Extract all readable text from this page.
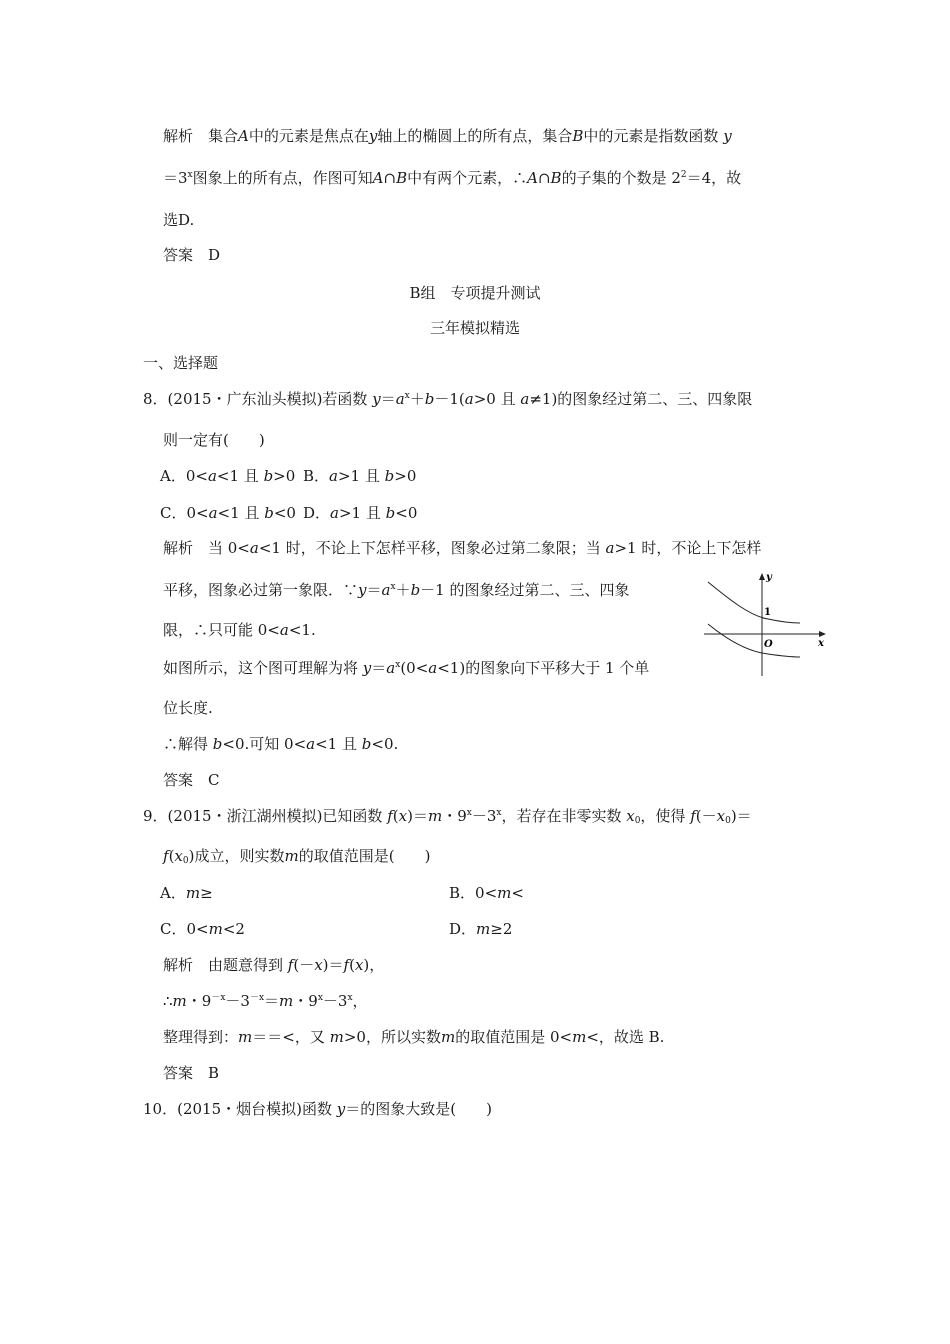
解析　集合A中的元素是焦点在y轴上的椭圆上的所有点，集合B中的元素是指数函数 y
$=3^x$图象上的所有点，作图可知A∩B中有两个元素，∴A∩B的子集的个数是 $2^2=4$，故
选D.
答案　D
B组　专项提升测试
三年模拟精选
一、选择题
8．(2015・广东汕头模拟)若函数 $y=a^x+b-1(a>0$ 且 a≠1)的图象经过第二、三、四象限
则一定有(　　)
A．0<a<1 且 b>0 B．a>1 且 b>0
C．0<a<1 且 b<0 D．a>1 且 b<0
解析　当 0<a<1 时，不论上下怎样平移，图象必过第二象限；当 a>1 时，不论上下怎样
平移，图象必过第一象限．$\because y=a^x+b-1$ 的图象经过第二、三、四象
限，∴只可能 0<a<1.
如图所示，这个图可理解为将 $y=a^x(0<a<1)$的图象向下平移大于 1 个单
位长度.
∴解得 b<0.可知 0<a<1 且 b<0.
答案　C
y
x
1
O
9．(2015・浙江湖州模拟)已知函数 f(x)＝m・$9^x-3^x$，若存在非零实数 $x_0$，使得 $f(-x_0)=$
$f(x_0)$成立，则实数m的取值范围是(　　)
A．m≥	B．0<m<
C．0<m<2	D．m≥2
解析　由题意得到 f(－x)＝f(x)，
∴m・$9^{-x}-3^{-x}=m$・$9^x-3^x$，
整理得到：m＝＝<，又 m>0，所以实数m的取值范围是 0<m<，故选 B.
答案　B
10．(2015・烟台模拟)函数 y＝的图象大致是(　　)
